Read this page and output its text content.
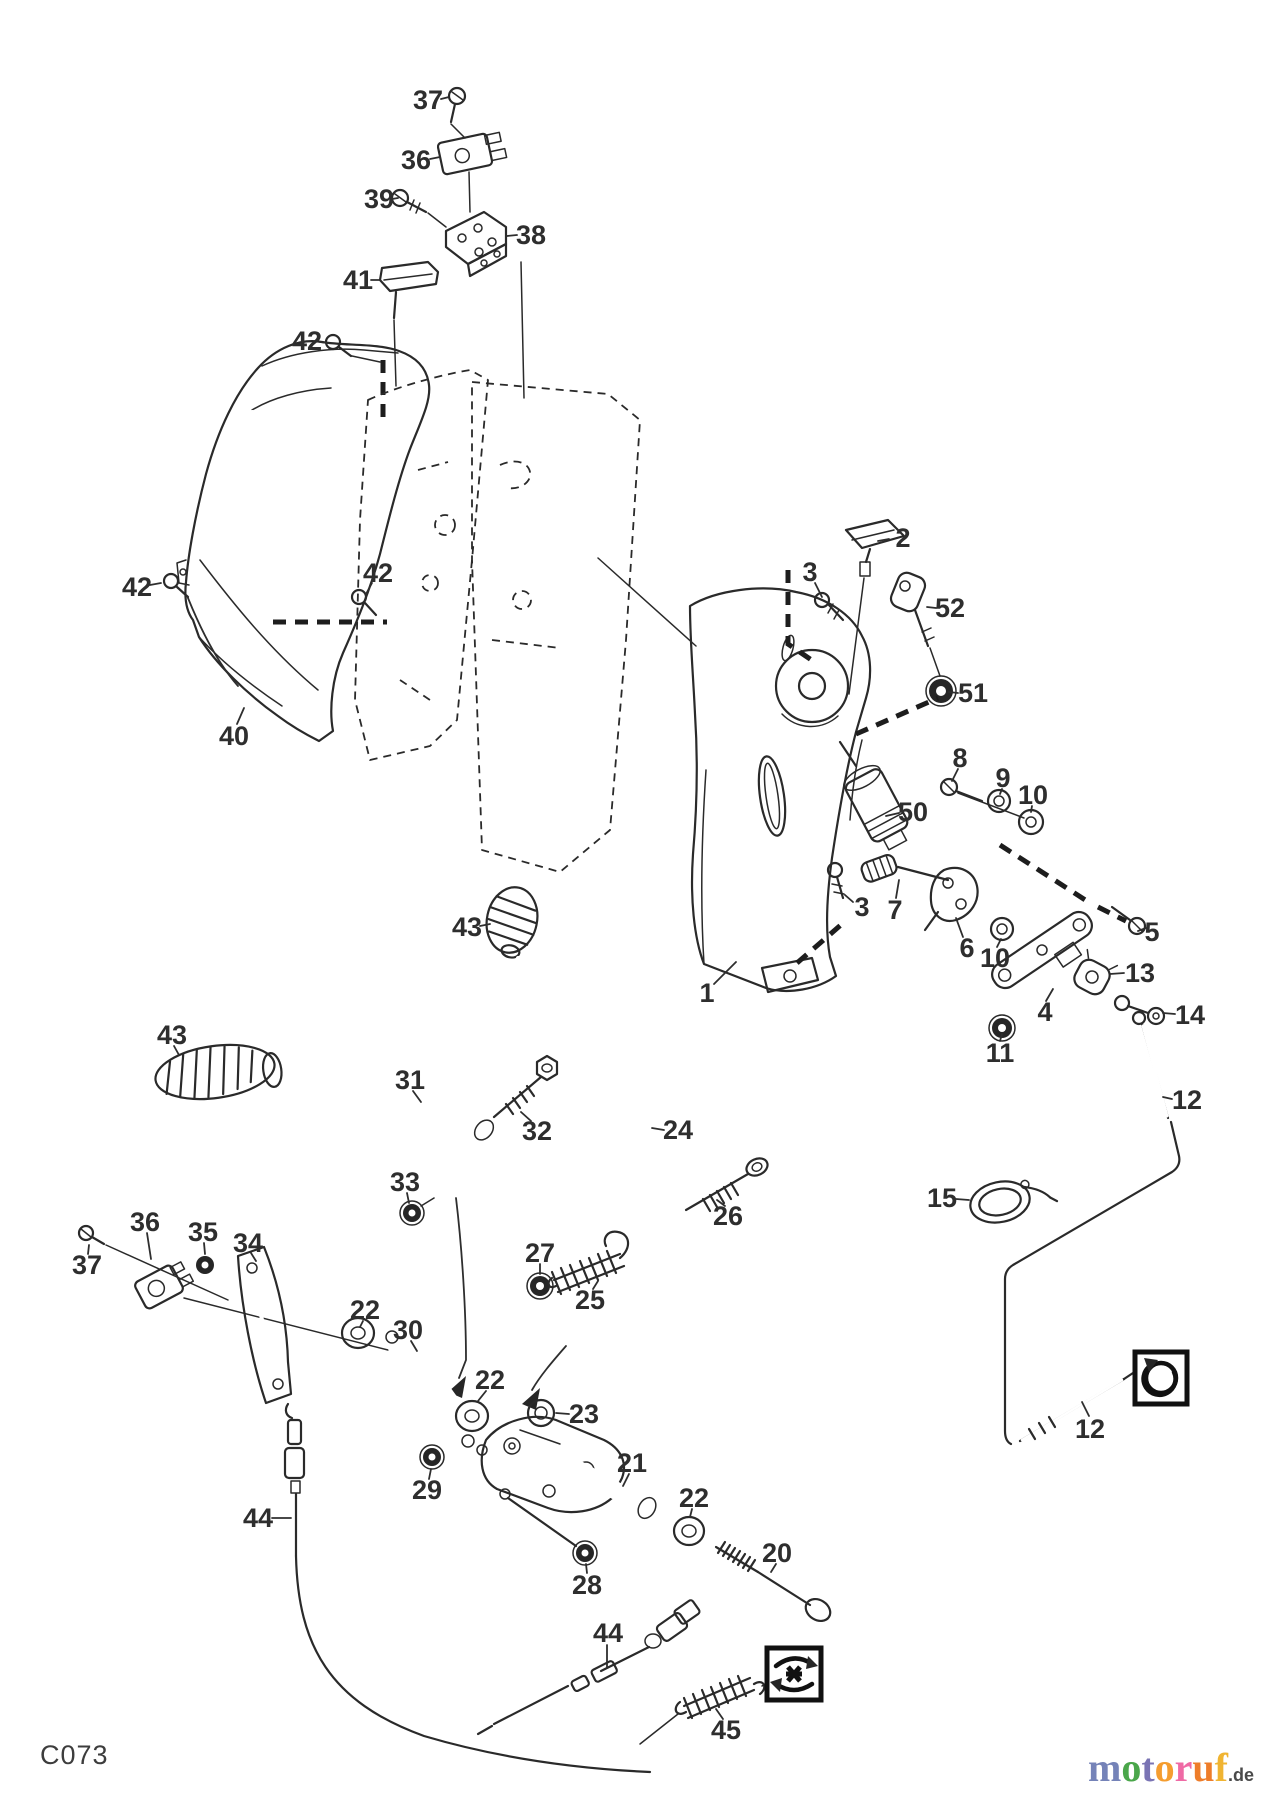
1
2
3
3
4
5
6
7
8
9
10
10
11
12
12
13
14
15
20
21
22
22
22
23
24
25
26
27
28
29
30
31
32
33
34
35
36
36
37
37
38
39
40
41
42
42	42
43
43
44
44
45
50
51
52
C073	motoruf.de
